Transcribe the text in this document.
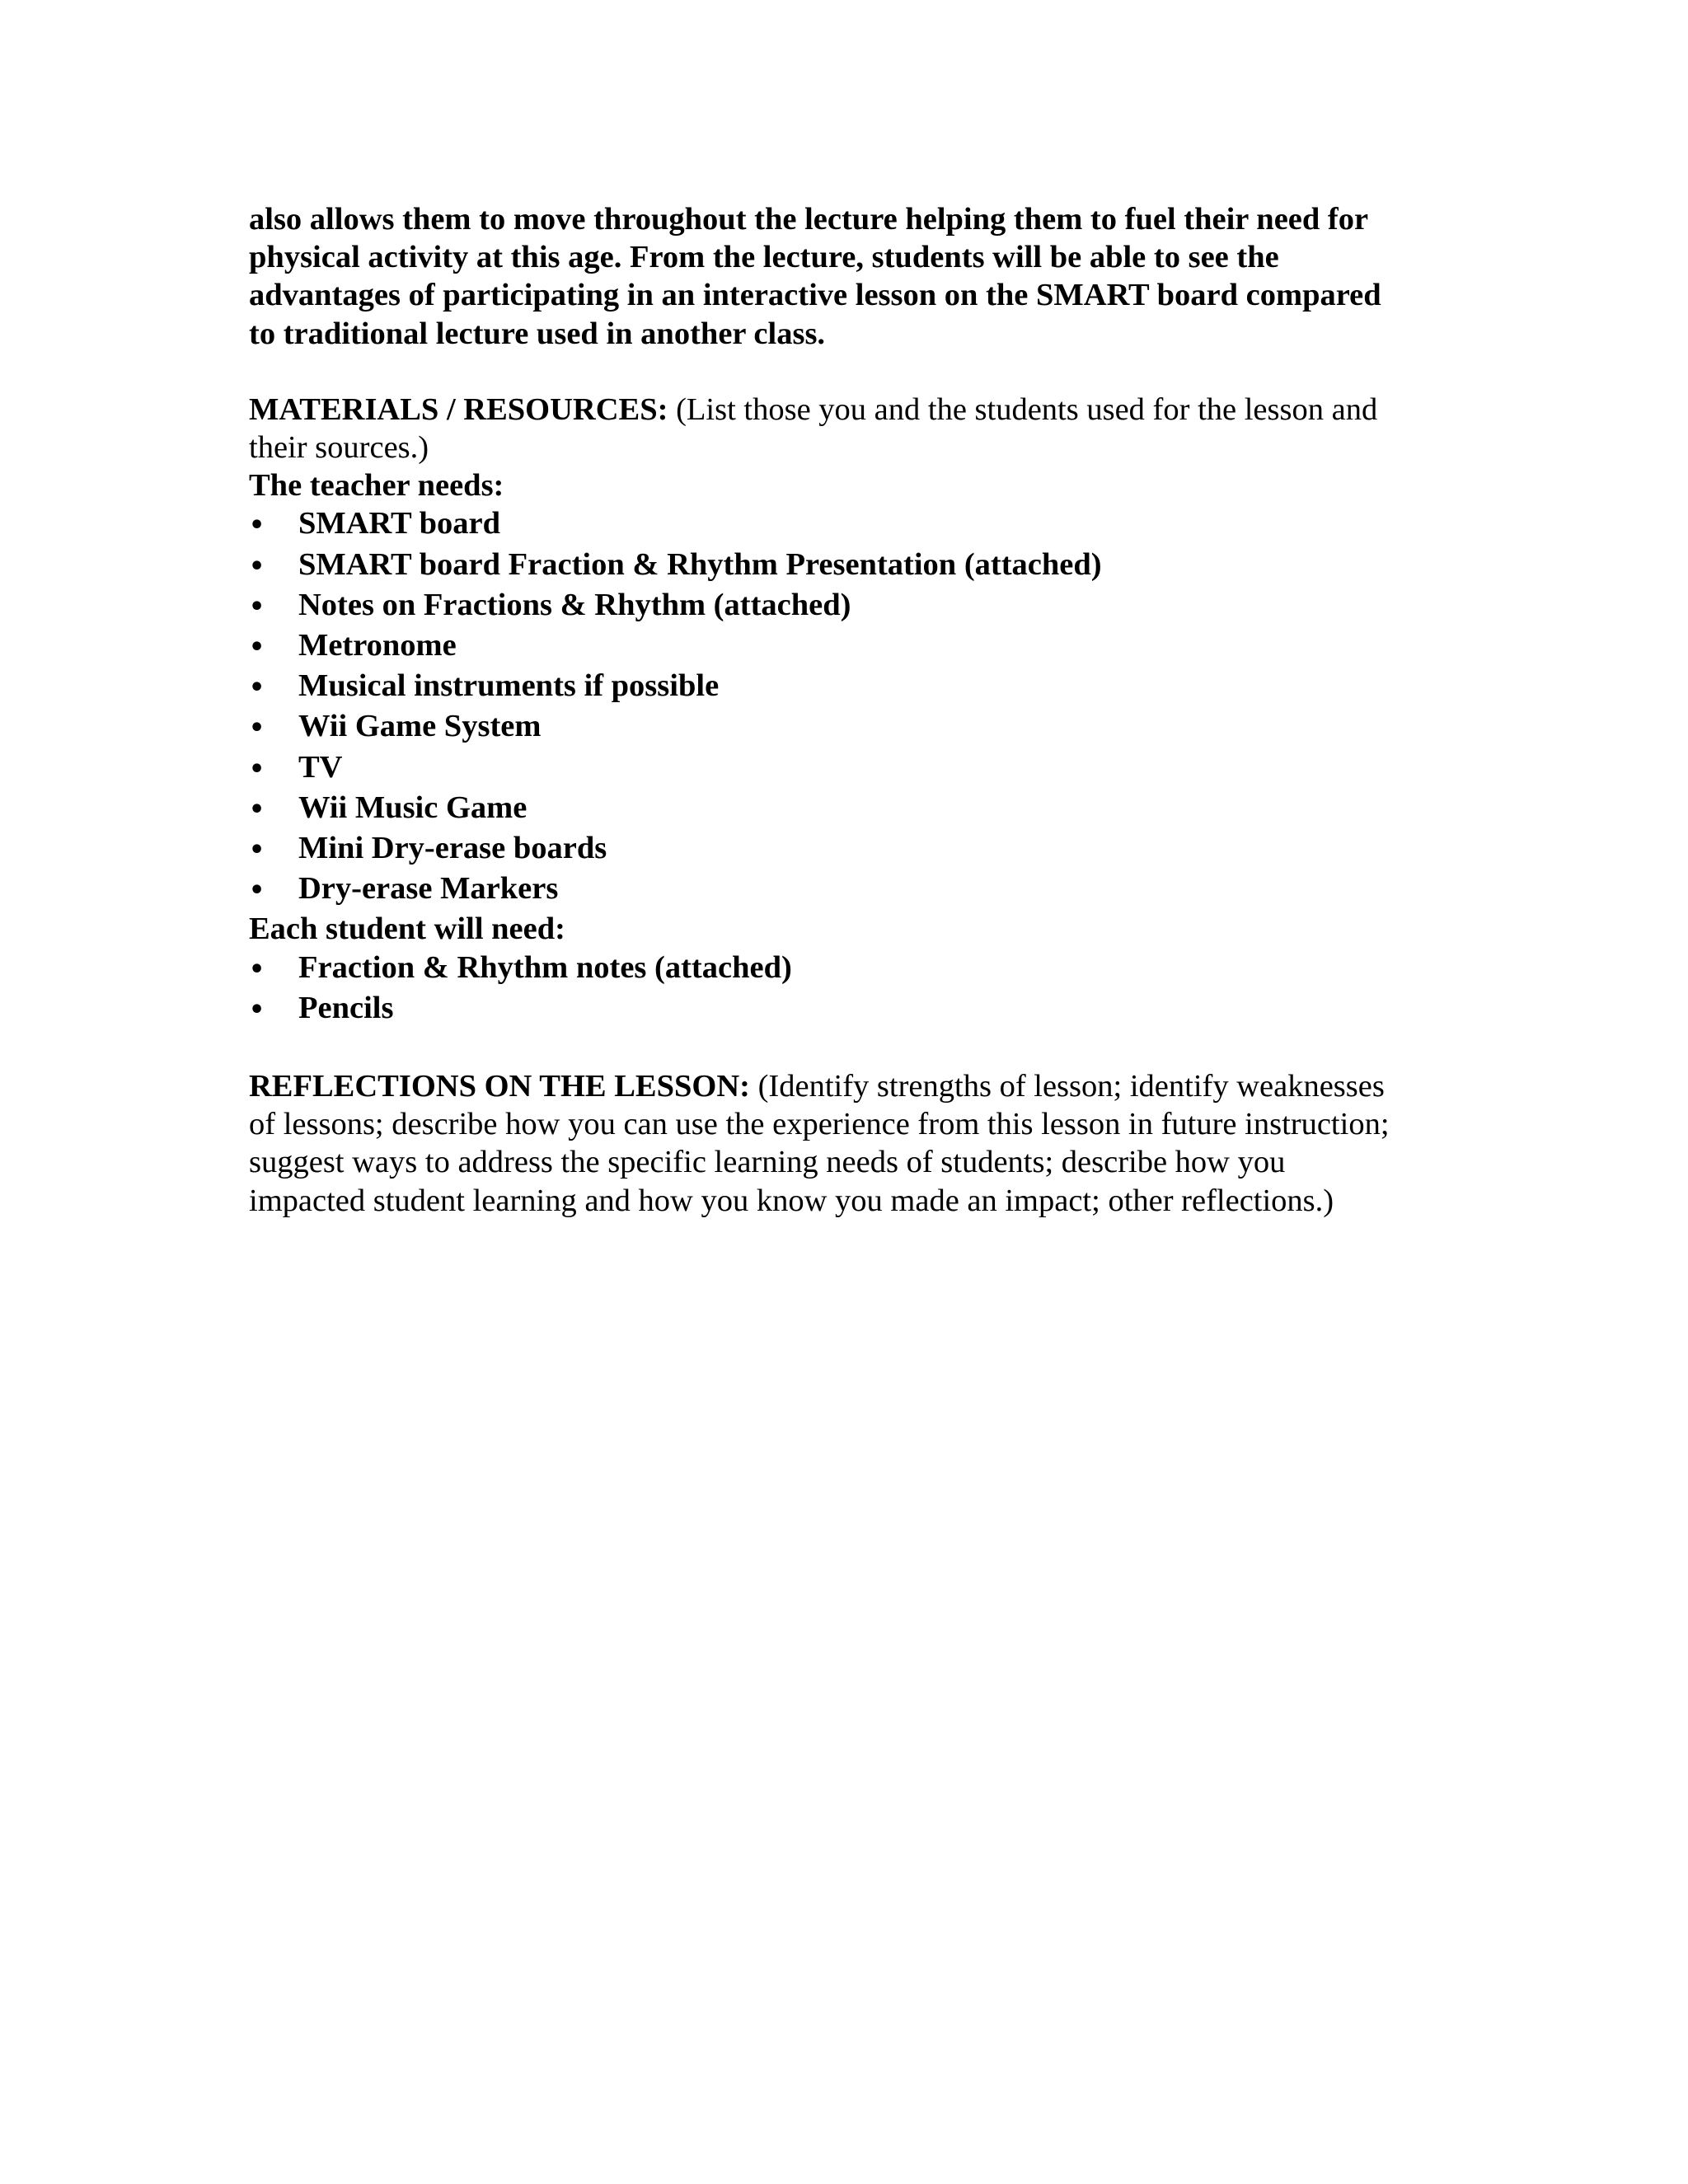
also allows them to move throughout the lecture helping them to fuel their need for
physical activity at this age. From the lecture, students will be able to see the
advantages of participating in an interactive lesson on the SMART board compared
to traditional lecture used in another class.
MATERIALS / RESOURCES: (List those you and the students used for the lesson and
their sources.)
The teacher needs:
• SMART board
• SMART board Fraction & Rhythm Presentation (attached)
• Notes on Fractions & Rhythm (attached)
• Metronome
• Musical instruments if possible
• Wii Game System
• TV
• Wii Music Game
• Mini Dry-erase boards
• Dry-erase Markers
Each student will need:
• Fraction & Rhythm notes (attached)
• Pencils
REFLECTIONS ON THE LESSON: (Identify strengths of lesson; identify weaknesses
of lessons; describe how you can use the experience from this lesson in future instruction;
suggest ways to address the specific learning needs of students; describe how you
impacted student learning and how you know you made an impact; other reflections.)
